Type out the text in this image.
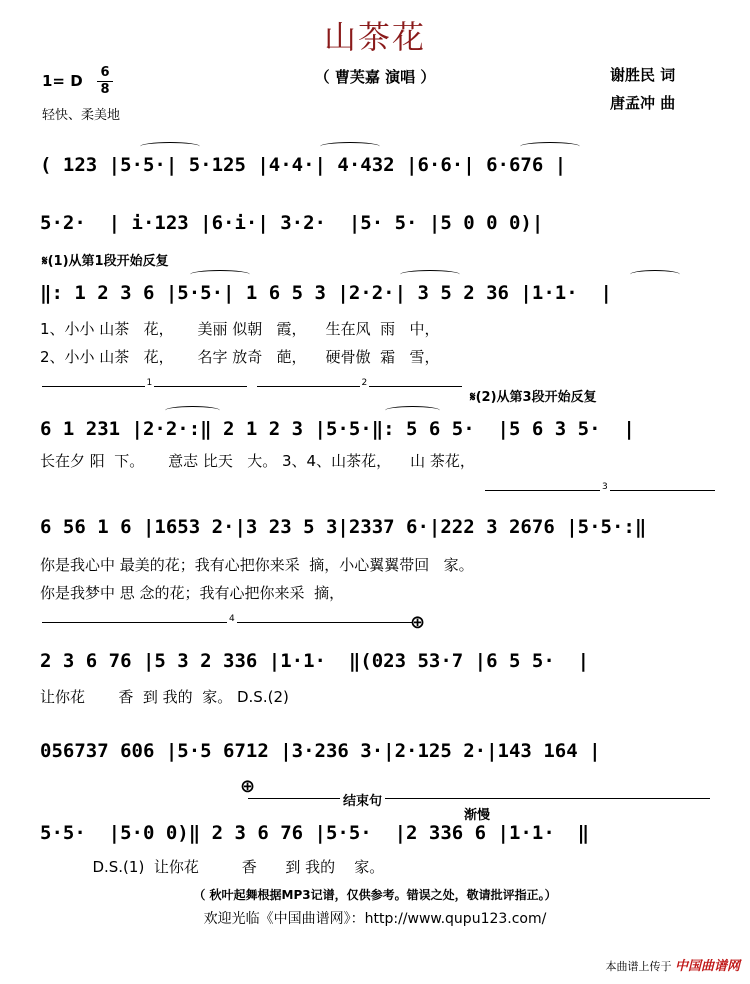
山茶花
（ 曹芙嘉 演唱 ）
1= D 6
8
轻快、柔美地
谢胜民 词
唐孟冲 曲
( 123 |5·5·| 5·125 |4·4·| 4·432 |6·6·| 6·676 |
5·2·  | i·123 |6·i·| 3·2·  |5· 5· |5 0 0 0)|
𝄋(1)从第1段开始反复
‖: 1 2 3 6 |5·5·| 1 6 5 3 |2·2·| 3 5 2 36 |1·1·  |
1、小小 山茶   花，     美丽 似朝   霞，    生在风  雨   中，
2、小小 山茶   花，     名字 放奇   葩，    硬骨傲  霜   雪，
1	2
𝄋(2)从第3段开始反复
6 1 231 |2·2·:‖ 2 1 2 3 |5·5·‖: 5 6 5·  |5 6 3 5·  |
长在夕 阳  下。     意志 比天   大。 3、4、山茶花，    山 茶花，
3
6 56 1 6 |1653 2·|3 23 5 3|2337 6·|222 3 2676 |5·5·:‖
你是我心中 最美的花；我有心把你来采  摘，小心翼翼带回   家。
你是我梦中 思 念的花；我有心把你来采  摘，
4	⊕
2 3 6 76 |5 3 2 336 |1·1·  ‖(023 53·7 |6 5 5·  |
让你花       香  到 我的  家。 D.S.(2)
056737 606 |5·5 6712 |3·236 3·|2·125 2·|143 164 |
⊕
结束句
渐慢
5·5·  |5·0 0)‖ 2 3 6 76 |5·5·  |2 336 6 |1·1·  ‖
D.S.(1)  让你花         香      到 我的    家。
（ 秋叶起舞根据MP3记谱，仅供参考。错误之处，敬请批评指正。）
欢迎光临《中国曲谱网》：http://www.qupu123.com/
本曲谱上传于 中国曲谱网
